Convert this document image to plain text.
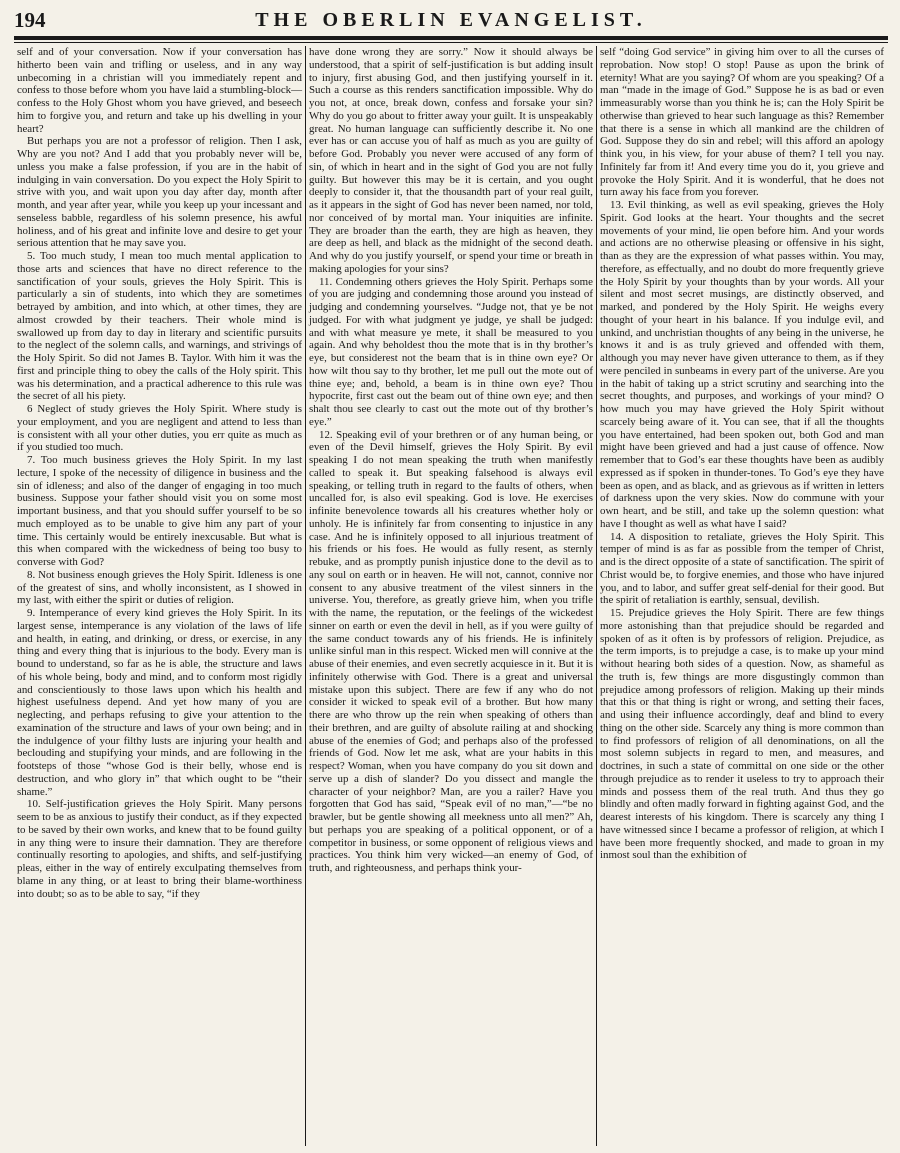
194	THE OBERLIN EVANGELIST.

self and of your conversation. Now if your conversation has hitherto been vain and trifling or useless, and in any way unbecoming in a christian will you immediately repent and confess to those before whom you have laid a stumbling-block—confess to the Holy Ghost whom you have grieved, and beseech him to forgive you, and return and take up his dwelling in your heart?

But perhaps you are not a professor of religion. Then I ask, Why are you not? And I add that you probably never will be, unless you make a false profession, if you are in the habit of indulging in vain conversation. Do you expect the Holy Spirit to strive with you, and wait upon you day after day, month after month, and year after year, while you keep up your incessant and senseless babble, regardless of his solemn presence, his awful holiness, and of his great and infinite love and desire to get your serious attention that he may save you.

5. Too much study, I mean too much mental application to those arts and sciences that have no direct reference to the sanctification of your souls, grieves the Holy Spirit. This is particularly a sin of students, into which they are sometimes betrayed by ambition, and into which, at other times, they are almost crowded by their teachers. Their whole mind is swallowed up from day to day in literary and scientific pursuits to the neglect of the solemn calls, and warnings, and strivings of the Holy Spirit. So did not James B. Taylor. With him it was the first and principle thing to obey the calls of the Holy spirit. This was his determination, and a practical adherence to this rule was the secret of all his piety.

6 Neglect of study grieves the Holy Spirit. Where study is your employment, and you are negligent and attend to less than is consistent with all your other duties, you err quite as much as if you studied too much.

7. Too much business grieves the Holy Spirit. In my last lecture, I spoke of the necessity of diligence in business and the sin of idleness; and also of the danger of engaging in too much business. Suppose your father should visit you on some most important business, and that you should suffer yourself to be so much employed as to be unable to give him any part of your time. This certainly would be entirely inexcusable. But what is this when compared with the wickedness of being too busy to converse with God?

8. Not business enough grieves the Holy Spirit. Idleness is one of the greatest of sins, and wholly inconsistent, as I showed in my last, with either the spirit or duties of religion.

9. Intemperance of every kind grieves the Holy Spirit. In its largest sense, intemperance is any violation of the laws of life and health, in eating, and drinking, or dress, or exercise, in any thing and every thing that is injurious to the body. Every man is bound to understand, so far as he is able, the structure and laws of his whole being, body and mind, and to conform most rigidly and conscientiously to those laws upon which his health and highest usefulness depend. And yet how many of you are neglecting, and perhaps refusing to give your attention to the examination of the structure and laws of your own being; and in the indulgence of your filthy lusts are injuring your health and beclouding and stupifying your minds, and are following in the footsteps of those “whose God is their belly, whose end is destruction, and who glory in” that which ought to be “their shame.”

10. Self-justification grieves the Holy Spirit. Many persons seem to be as anxious to justify their conduct, as if they expected to be saved by their own works, and knew that to be found guilty in any thing were to insure their damnation. They are therefore continually resorting to apologies, and shifts, and self-justifying pleas, either in the way of entirely exculpating themselves from blame in any thing, or at least to bring their blame-worthiness into doubt; so as to be able to say, “if they

have done wrong they are sorry.” Now it should always be understood, that a spirit of self-justification is but adding insult to injury, first abusing God, and then justifying yourself in it. Such a course as this renders sanctification impossible. Why do you not, at once, break down, confess and forsake your sin? Why do you go about to fritter away your guilt. It is unspeakably great. No human language can sufficiently describe it. No one ever has or can accuse you of half as much as you are guilty of before God. Probably you never were accused of any form of sin, of which in heart and in the sight of God you are not fully guilty. But however this may be it is certain, and you ought deeply to consider it, that the thousandth part of your real guilt, as it appears in the sight of God has never been named, nor told, nor conceived of by mortal man. Your iniquities are infinite. They are broader than the earth, they are high as heaven, they are deep as hell, and black as the midnight of the second death. And why do you justify yourself, or spend your time or breath in making apologies for your sins?

11. Condemning others grieves the Holy Spirit. Perhaps some of you are judging and condemning those around you instead of judging and condemning yourselves. “Judge not, that ye be not judged. For with what judgment ye judge, ye shall be judged: and with what measure ye mete, it shall be measured to you again. And why beholdest thou the mote that is in thy brother’s eye, but considerest not the beam that is in thine own eye? Or how wilt thou say to thy brother, let me pull out the mote out of thine eye; and, behold, a beam is in thine own eye? Thou hypocrite, first cast out the beam out of thine own eye; and then shalt thou see clearly to cast out the mote out of thy brother’s eye.”

12. Speaking evil of your brethren or of any human being, or even of the Devil himself, grieves the Holy Spirit. By evil speaking I do not mean speaking the truth when manifestly called to speak it. But speaking falsehood is always evil speaking, or telling truth in regard to the faults of others, when uncalled for, is also evil speaking. God is love. He exercises infinite benevolence towards all his creatures whether holy or unholy. He is infinitely far from consenting to injustice in any case. And he is infinitely opposed to all injurious treatment of his friends or his foes. He would as fully resent, as sternly rebuke, and as promptly punish injustice done to the devil as to any soul on earth or in heaven. He will not, cannot, connive nor consent to any abusive treatment of the vilest sinners in the universe. You, therefore, as greatly grieve him, when you trifle with the name, the reputation, or the feelings of the wickedest sinner on earth or even the devil in hell, as if you were guilty of the same conduct towards any of his friends. He is infinitely unlike sinful man in this respect. Wicked men will connive at the abuse of their enemies, and even secretly acquiesce in it. But it is infinitely otherwise with God. There is a great and universal mistake upon this subject. There are few if any who do not consider it wicked to speak evil of a brother. But how many there are who throw up the rein when speaking of others than their brethren, and are guilty of absolute railing at and shocking abuse of the enemies of God; and perhaps also of the professed friends of God. Now let me ask, what are your habits in this respect? Woman, when you have company do you sit down and serve up a dish of slander? Do you dissect and mangle the character of your neighbor? Man, are you a railer? Have you forgotten that God has said, “Speak evil of no man,”—“be no brawler, but be gentle showing all meekness unto all men?” Ah, but perhaps you are speaking of a political opponent, or of a competitor in business, or some opponent of religious views and practices. You think him very wicked—an enemy of God, of truth, and righteousness, and perhaps think your-

self “doing God service” in giving him over to all the curses of reprobation. Now stop! O stop! Pause as upon the brink of eternity! What are you saying? Of whom are you speaking? Of a man “made in the image of God.” Suppose he is as bad or even immeasurably worse than you think he is; can the Holy Spirit be otherwise than grieved to hear such language as this? Remember that there is a sense in which all mankind are the children of God. Suppose they do sin and rebel; will this afford an apology think you, in his view, for your abuse of them? I tell you nay. Infinitely far from it! And every time you do it, you grieve and provoke the Holy Spirit. And it is wonderful, that he does not turn away his face from you forever.

13. Evil thinking, as well as evil speaking, grieves the Holy Spirit. God looks at the heart. Your thoughts and the secret movements of your mind, lie open before him. And your words and actions are no otherwise pleasing or offensive in his sight, than as they are the expression of what passes within. You may, therefore, as effectually, and no doubt do more frequently grieve the Holy Spirit by your thoughts than by your words. All your silent and most secret musings, are distinctly observed, and marked, and pondered by the Holy Spirit. He weighs every thought of your heart in his balance. If you indulge evil, and unkind, and unchristian thoughts of any being in the universe, he knows it and is as truly grieved and offended with them, although you may never have given utterance to them, as if they were penciled in sunbeams in every part of the universe. Are you in the habit of taking up a strict scrutiny and searching into the secret thoughts, and purposes, and workings of your mind? O how much you may have grieved the Holy Spirit without scarcely being aware of it. You can see, that if all the thoughts you have entertained, had been spoken out, both God and man might have been grieved and had a just cause of offence. Now remember that to God’s ear these thoughts have been as audibly expressed as if spoken in thunder-tones. To God’s eye they have been as open, and as black, and as grievous as if written in letters of darkness upon the very skies. Now do commune with your own heart, and be still, and take up the solemn question: what have I thought as well as what have I said?

14. A disposition to retaliate, grieves the Holy Spirit. This temper of mind is as far as possible from the temper of Christ, and is the direct opposite of a state of sanctification. The spirit of Christ would be, to forgive enemies, and those who have injured you, and to labor, and suffer great self-denial for their good. But the spirit of retaliation is earthly, sensual, devilish.

15. Prejudice grieves the Holy Spirit. There are few things more astonishing than that prejudice should be regarded and spoken of as it often is by professors of religion. Prejudice, as the term imports, is to prejudge a case, is to make up your mind without hearing both sides of a question. Now, as shameful as the truth is, few things are more disgustingly common than prejudice among professors of religion. Making up their minds that this or that thing is right or wrong, and setting their faces, and using their influence accordingly, deaf and blind to every thing on the other side. Scarcely any thing is more common than to find professors of religion of all denominations, on all the most solemn subjects in regard to men, and measures, and doctrines, in such a state of committal on one side or the other through prejudice as to render it useless to try to approach their minds and possess them of the real truth. And thus they go blindly and often madly forward in fighting against God, and the dearest interests of his kingdom. There is scarcely any thing I have witnessed since I became a professor of religion, at which I have been more frequently shocked, and made to groan in my inmost soul than the exhibition of
